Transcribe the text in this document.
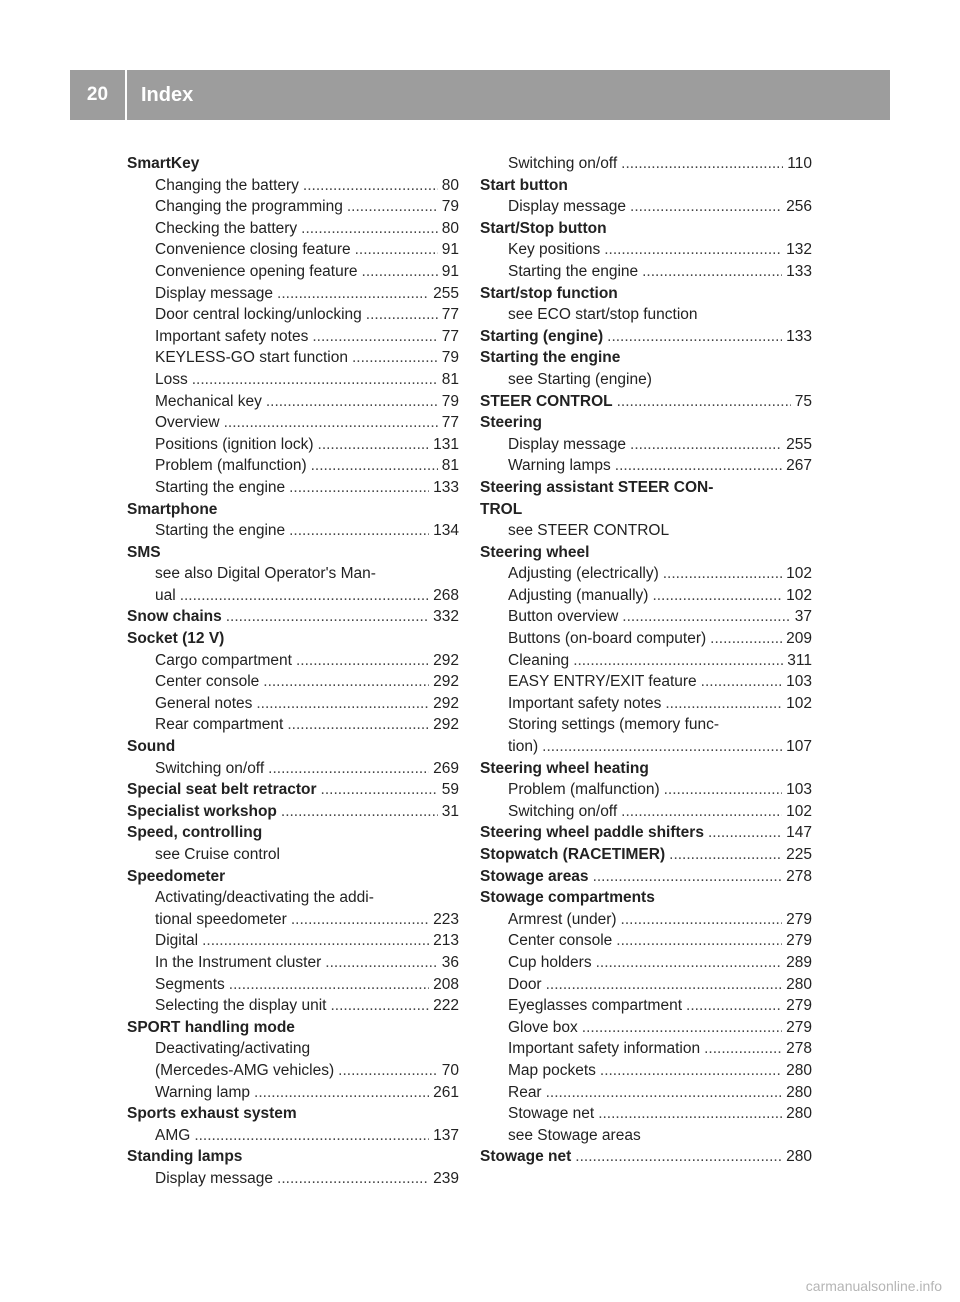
20	Index
SmartKey
Changing the battery .....	80
Changing the programming .....	79
Checking the battery .....	80
Convenience closing feature .....	91
Convenience opening feature .....	91
Display message .....	255
Door central locking/unlocking .....	77
Important safety notes .....	77
KEYLESS-GO start function .....	79
Loss .....	81
Mechanical key .....	79
Overview .....	77
Positions (ignition lock) .....	131
Problem (malfunction) .....	81
Starting the engine .....	133
Smartphone
Starting the engine .....	134
SMS
see also Digital Operator's Man-
ual .....	268
Snow chains .....	332
Socket (12 V)
Cargo compartment .....	292
Center console .....	292
General notes .....	292
Rear compartment .....	292
Sound
Switching on/off .....	269
Special seat belt retractor .....	59
Specialist workshop .....	31
Speed, controlling
see Cruise control
Speedometer
Activating/deactivating the addi-
tional speedometer .....	223
Digital .....	213
In the Instrument cluster .....	36
Segments .....	208
Selecting the display unit .....	222
SPORT handling mode
Deactivating/activating
(Mercedes-AMG vehicles) .....	70
Warning lamp .....	261
Sports exhaust system
AMG .....	137
Standing lamps
Display message .....	239
Switching on/off .....	110
Start button
Display message .....	256
Start/Stop button
Key positions .....	132
Starting the engine .....	133
Start/stop function
see ECO start/stop function
Starting (engine) .....	133
Starting the engine
see Starting (engine)
STEER CONTROL .....	75
Steering
Display message .....	255
Warning lamps .....	267
Steering assistant STEER CON-
TROL
see STEER CONTROL
Steering wheel
Adjusting (electrically) .....	102
Adjusting (manually) .....	102
Button overview .....	37
Buttons (on-board computer) .....	209
Cleaning .....	311
EASY ENTRY/EXIT feature .....	103
Important safety notes .....	102
Storing settings (memory func-
tion) .....	107
Steering wheel heating
Problem (malfunction) .....	103
Switching on/off .....	102
Steering wheel paddle shifters .....	147
Stopwatch (RACETIMER) .....	225
Stowage areas .....	278
Stowage compartments
Armrest (under) .....	279
Center console .....	279
Cup holders .....	289
Door .....	280
Eyeglasses compartment .....	279
Glove box .....	279
Important safety information .....	278
Map pockets .....	280
Rear .....	280
Stowage net .....	280
see Stowage areas
Stowage net .....	280
carmanualsonline.info
